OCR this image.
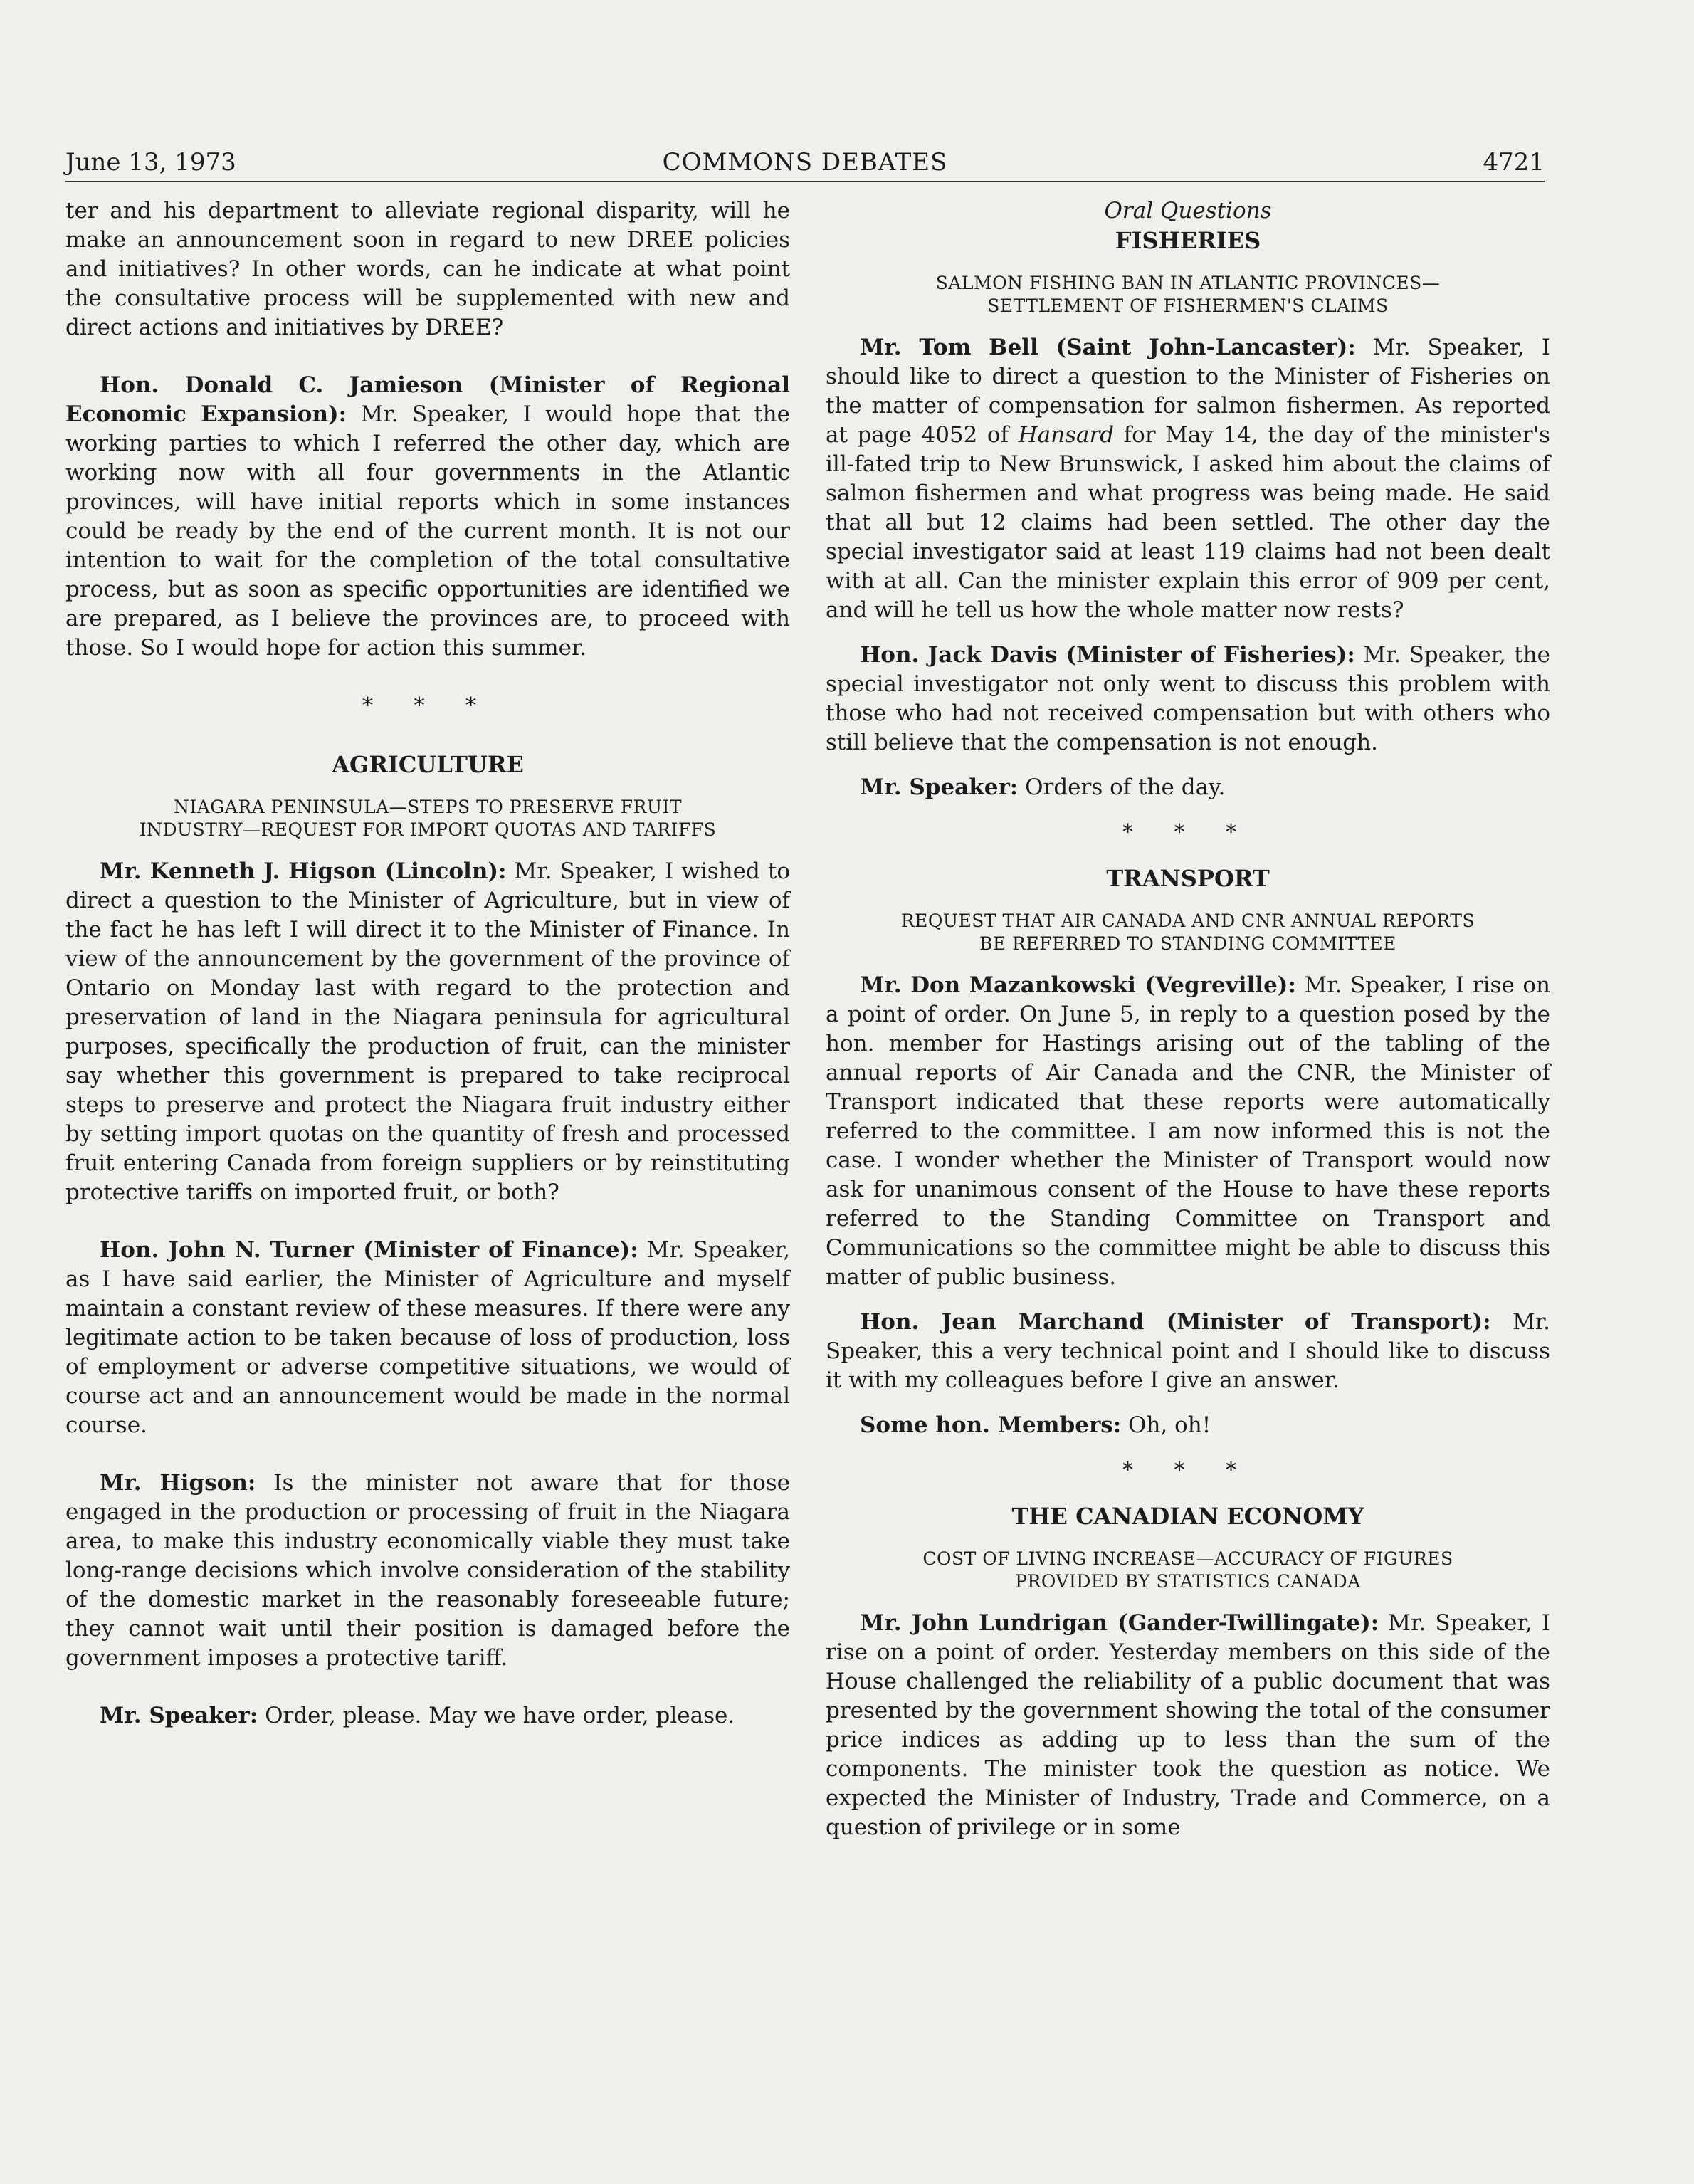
June 13, 1973	COMMONS DEBATES	4721

ter and his department to alleviate regional disparity, will he make an announcement soon in regard to new DREE policies and initiatives? In other words, can he indicate at what point the consultative process will be supplemented with new and direct actions and initiatives by DREE?

Hon. Donald C. Jamieson (Minister of Regional Economic Expansion): Mr. Speaker, I would hope that the working parties to which I referred the other day, which are working now with all four governments in the Atlantic provinces, will have initial reports which in some instances could be ready by the end of the current month. It is not our intention to wait for the completion of the total consultative process, but as soon as specific opportunities are identified we are prepared, as I believe the provinces are, to proceed with those. So I would hope for action this summer.

* * *
AGRICULTURE
NIAGARA PENINSULA—STEPS TO PRESERVE FRUIT
INDUSTRY—REQUEST FOR IMPORT QUOTAS AND TARIFFS

Mr. Kenneth J. Higson (Lincoln): Mr. Speaker, I wished to direct a question to the Minister of Agriculture, but in view of the fact he has left I will direct it to the Minister of Finance. In view of the announcement by the government of the province of Ontario on Monday last with regard to the protection and preservation of land in the Niagara peninsula for agricultural purposes, specifically the production of fruit, can the minister say whether this government is prepared to take reciprocal steps to preserve and protect the Niagara fruit industry either by setting import quotas on the quantity of fresh and processed fruit entering Canada from foreign suppliers or by reinstituting protective tariffs on imported fruit, or both?

Hon. John N. Turner (Minister of Finance): Mr. Speaker, as I have said earlier, the Minister of Agriculture and myself maintain a constant review of these measures. If there were any legitimate action to be taken because of loss of production, loss of employment or adverse competitive situations, we would of course act and an announcement would be made in the normal course.

Mr. Higson: Is the minister not aware that for those engaged in the production or processing of fruit in the Niagara area, to make this industry economically viable they must take long-range decisions which involve consideration of the stability of the domestic market in the reasonably foreseeable future; they cannot wait until their position is damaged before the government imposes a protective tariff.

Mr. Speaker: Order, please. May we have order, please.

Oral Questions
FISHERIES
SALMON FISHING BAN IN ATLANTIC PROVINCES—
SETTLEMENT OF FISHERMEN'S CLAIMS

Mr. Tom Bell (Saint John-Lancaster): Mr. Speaker, I should like to direct a question to the Minister of Fisheries on the matter of compensation for salmon fishermen. As reported at page 4052 of Hansard for May 14, the day of the minister's ill-fated trip to New Brunswick, I asked him about the claims of salmon fishermen and what progress was being made. He said that all but 12 claims had been settled. The other day the special investigator said at least 119 claims had not been dealt with at all. Can the minister explain this error of 909 per cent, and will he tell us how the whole matter now rests?

Hon. Jack Davis (Minister of Fisheries): Mr. Speaker, the special investigator not only went to discuss this problem with those who had not received compensation but with others who still believe that the compensation is not enough.

Mr. Speaker: Orders of the day.

* * *
TRANSPORT
REQUEST THAT AIR CANADA AND CNR ANNUAL REPORTS
BE REFERRED TO STANDING COMMITTEE

Mr. Don Mazankowski (Vegreville): Mr. Speaker, I rise on a point of order. On June 5, in reply to a question posed by the hon. member for Hastings arising out of the tabling of the annual reports of Air Canada and the CNR, the Minister of Transport indicated that these reports were automatically referred to the committee. I am now informed this is not the case. I wonder whether the Minister of Transport would now ask for unanimous consent of the House to have these reports referred to the Standing Committee on Transport and Communications so the committee might be able to discuss this matter of public business.

Hon. Jean Marchand (Minister of Transport): Mr. Speaker, this a very technical point and I should like to discuss it with my colleagues before I give an answer.

Some hon. Members: Oh, oh!

* * *
THE CANADIAN ECONOMY
COST OF LIVING INCREASE—ACCURACY OF FIGURES
PROVIDED BY STATISTICS CANADA

Mr. John Lundrigan (Gander-Twillingate): Mr. Speaker, I rise on a point of order. Yesterday members on this side of the House challenged the reliability of a public document that was presented by the government showing the total of the consumer price indices as adding up to less than the sum of the components. The minister took the question as notice. We expected the Minister of Industry, Trade and Commerce, on a question of privilege or in some
